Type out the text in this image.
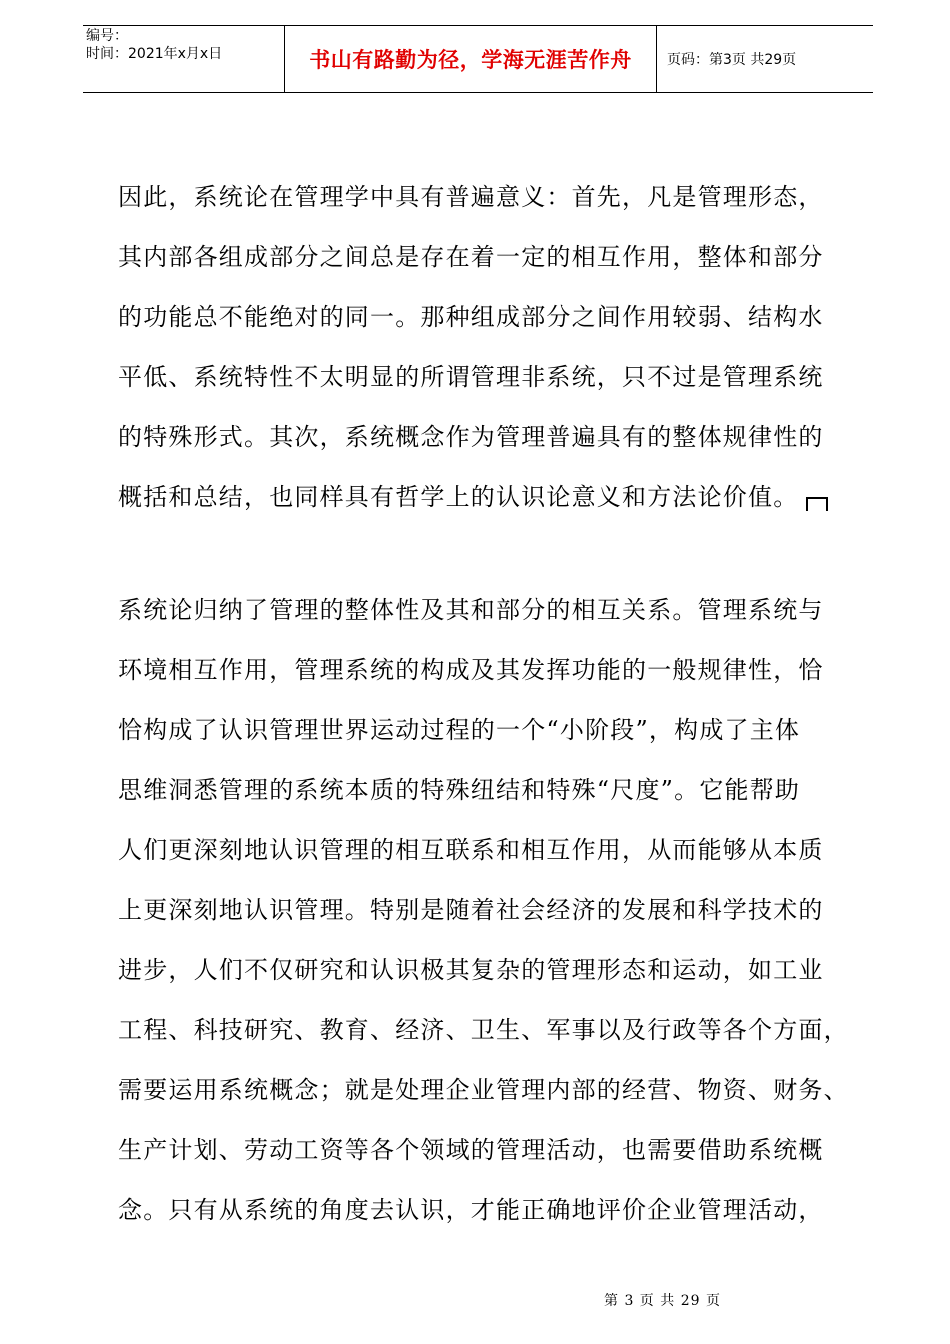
编号：
时间：2021年x月x日	书山有路勤为径，学海无涯苦作舟	页码：第3页 共29页
因此，系统论在管理学中具有普遍意义：首先，凡是管理形态，
其内部各组成部分之间总是存在着一定的相互作用，整体和部分
的功能总不能绝对的同一。那种组成部分之间作用较弱、结构水
平低、系统特性不太明显的所谓管理非系统，只不过是管理系统
的特殊形式。其次，系统概念作为管理普遍具有的整体规律性的
概括和总结，也同样具有哲学上的认识论意义和方法论价值。
系统论归纳了管理的整体性及其和部分的相互关系。管理系统与
环境相互作用，管理系统的构成及其发挥功能的一般规律性，恰
恰构成了认识管理世界运动过程的一个“小阶段”，构成了主体
思维洞悉管理的系统本质的特殊纽结和特殊“尺度”。它能帮助
人们更深刻地认识管理的相互联系和相互作用，从而能够从本质
上更深刻地认识管理。特别是随着社会经济的发展和科学技术的
进步，人们不仅研究和认识极其复杂的管理形态和运动，如工业
工程、科技研究、教育、经济、卫生、军事以及行政等各个方面，
需要运用系统概念；就是处理企业管理内部的经营、物资、财务、
生产计划、劳动工资等各个领域的管理活动，也需要借助系统概
念。只有从系统的角度去认识，才能正确地评价企业管理活动，
第 3 页 共 29 页
